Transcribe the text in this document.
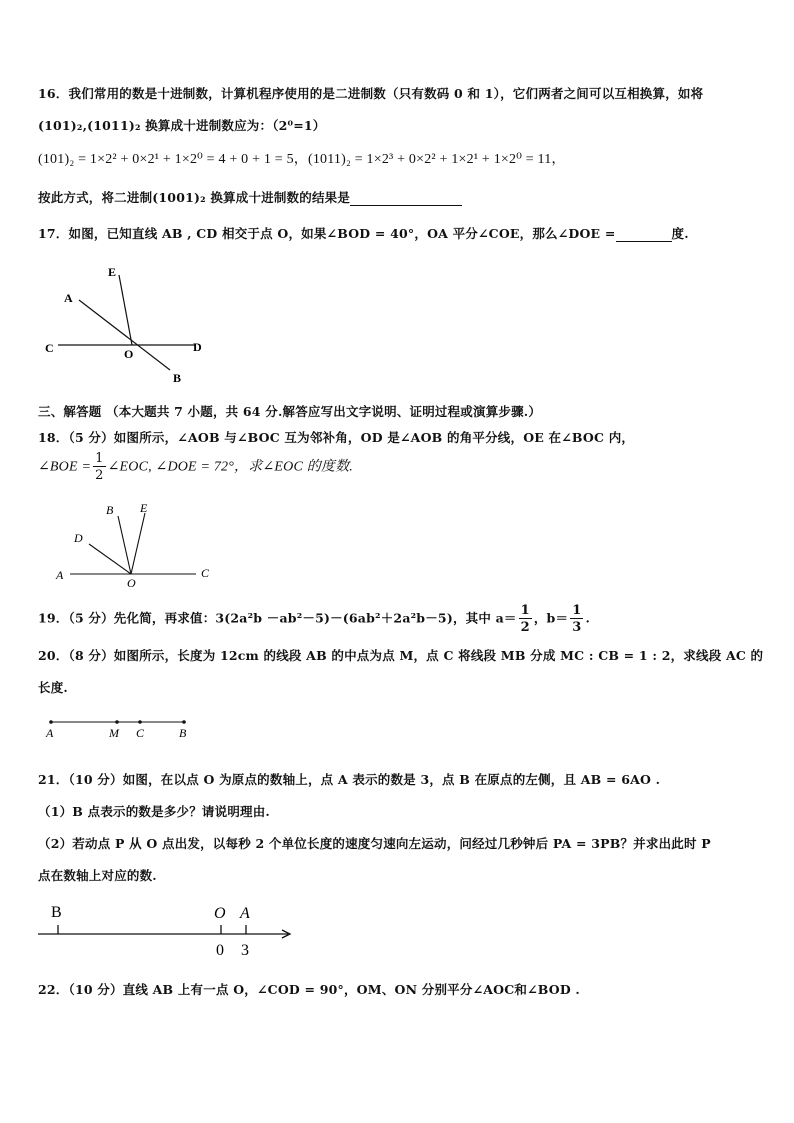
16．我们常用的数是十进制数，计算机程序使用的是二进制数（只有数码 0 和 1），它们两者之间可以互相换算，如将
(101)₂,(1011)₂ 换算成十进制数应为：（2⁰=1）
(101)₂ = 1×2² + 0×2¹ + 1×2⁰ = 4 + 0 + 1 = 5，(1011)₂ = 1×2³ + 0×2² + 1×2¹ + 1×2⁰ = 11，
按此方式，将二进制(1001)₂ 换算成十进制数的结果是
17．如图，已知直线 AB , CD 相交于点 O，如果∠BOD = 40°，OA 平分∠COE，那么∠DOE =	度.
E
A
C	O	D
B
三、解答题 （本大题共 7 小题，共 64 分.解答应写出文字说明、证明过程或演算步骤.）
18．（5 分）如图所示，∠AOB 与∠BOC 互为邻补角，OD 是∠AOB 的角平分线，OE 在∠BOC 内，
∠BOE = $\frac{1}{2}$ ∠EOC, ∠DOE = 72°，求∠EOC 的度数.
B E
D
A
O
C
19．（5 分）先化简，再求值：3(2a²b －ab²－5)－(6ab²＋2a²b－5)，其中 $a= \frac{1}{2}$ ，$b= \frac{1}{3}$ .
20．（8 分）如图所示，长度为 12cm 的线段 AB 的中点为点 M，点 C 将线段 MB 分成 MC : CB = 1 : 2，求线段 AC 的
长度.
A	M C	B
21．（10 分）如图，在以点 O 为原点的数轴上，点 A 表示的数是 3，点 B 在原点的左侧，且 AB = 6AO .
（1）B 点表示的数是多少？请说明理由.
（2）若动点 P 从 O 点出发，以每秒 2 个单位长度的速度匀速向左运动，问经过几秒钟后 PA = 3PB？并求出此时 P
点在数轴上对应的数.
B	O A
0 3
22．（10 分）直线 AB 上有一点 O，∠COD = 90°，OM、ON 分别平分∠AOC和∠BOD .
